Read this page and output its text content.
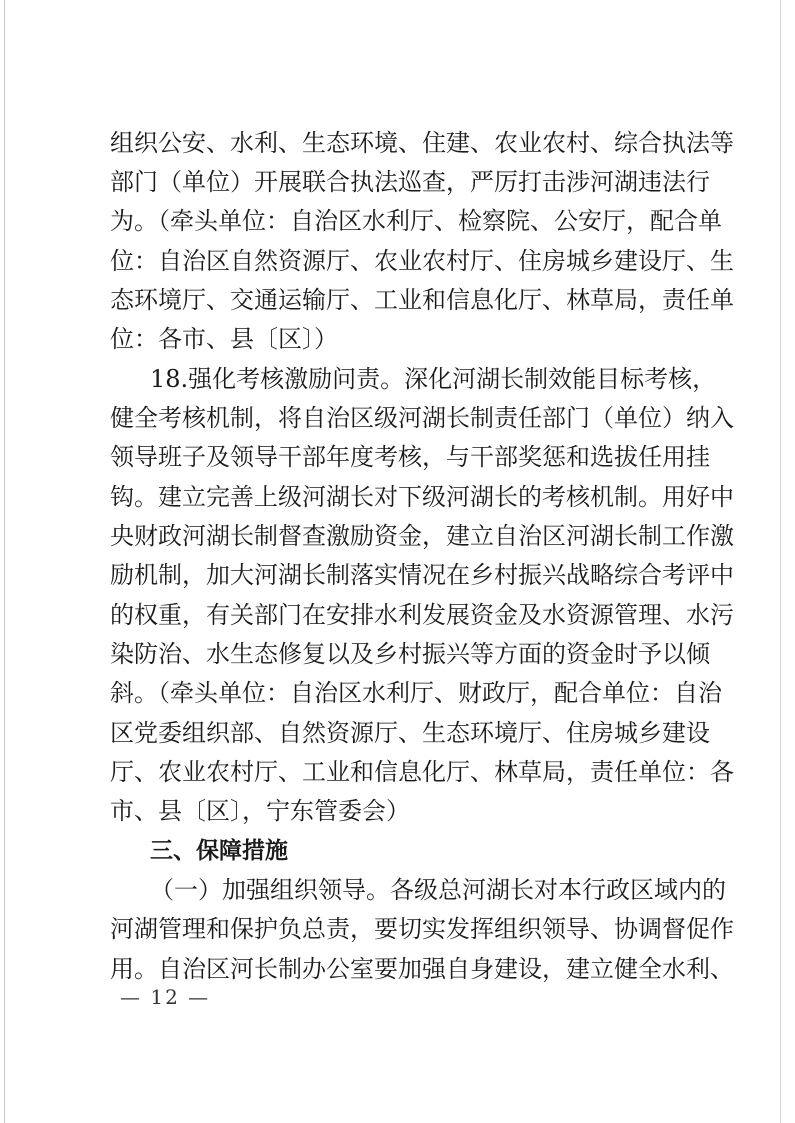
组织公安、水利、生态环境、住建、农业农村、综合执法等
部门（单位）开展联合执法巡查，严厉打击涉河湖违法行
为。（牵头单位：自治区水利厅、检察院、公安厅，配合单
位：自治区自然资源厅、农业农村厅、住房城乡建设厅、生
态环境厅、交通运输厅、工业和信息化厅、林草局，责任单
位：各市、县〔区〕）
18.强化考核激励问责。深化河湖长制效能目标考核，
健全考核机制，将自治区级河湖长制责任部门（单位）纳入
领导班子及领导干部年度考核，与干部奖惩和选拔任用挂
钩。建立完善上级河湖长对下级河湖长的考核机制。用好中
央财政河湖长制督查激励资金，建立自治区河湖长制工作激
励机制，加大河湖长制落实情况在乡村振兴战略综合考评中
的权重，有关部门在安排水利发展资金及水资源管理、水污
染防治、水生态修复以及乡村振兴等方面的资金时予以倾
斜。（牵头单位：自治区水利厅、财政厅，配合单位：自治
区党委组织部、自然资源厅、生态环境厅、住房城乡建设
厅、农业农村厅、工业和信息化厅、林草局，责任单位：各
市、县〔区〕，宁东管委会）
三、保障措施
（一）加强组织领导。各级总河湖长对本行政区域内的
河湖管理和保护负总责，要切实发挥组织领导、协调督促作
用。自治区河长制办公室要加强自身建设，建立健全水利、
— 12 —
